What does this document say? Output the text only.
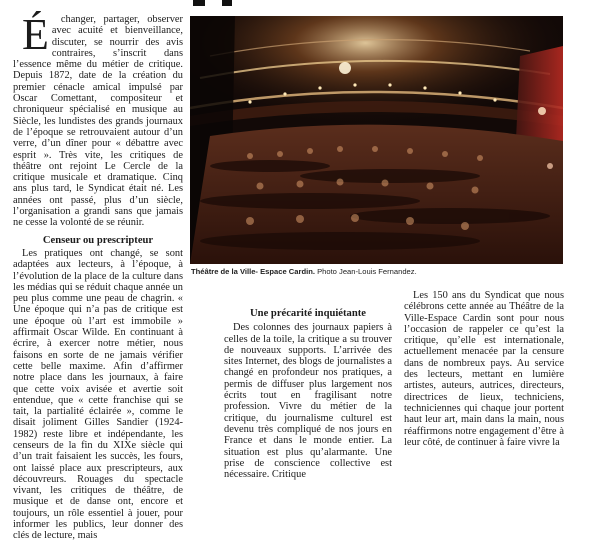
É changer, partager, observer avec acuité et bienveillance, discuter, se nourrir des avis contraires, s’inscrit dans l’essence même du métier de critique. Depuis 1872, date de la création du premier cénacle amical impulsé par Oscar Comettant, compositeur et chroniqueur spécialisé en musique au Siècle, les lundistes des grands journaux de l’époque se retrouvaient autour d’un verre, d’un dîner pour « débattre avec esprit ». Très vite, les critiques de théâtre ont rejoint Le Cercle de la critique musicale et dramatique. Cinq ans plus tard, le Syndicat était né. Les années ont passé, plus d’un siècle, l’organisation a grandi sans que jamais ne cesse la volonté de se réunir.

Censeur ou prescripteur

Les pratiques ont changé, se sont adaptées aux lecteurs, à l’époque, à l’évolution de la place de la culture dans les médias qui se réduit chaque année un peu plus comme une peau de chagrin. « Une époque qui n’a pas de critique est une époque où l’art est immobile » affirmait Oscar Wilde. En continuant à écrire, à exercer notre métier, nous faisons en sorte de ne jamais vérifier cette belle maxime. Afin d’affirmer notre place dans les journaux, à faire que cette voix avisée et avertie soit entendue, que « cette franchise qui se tait, la partialité éclairée », comme le disait joliment Gilles Sandier (1924-1982) reste libre et indépendante, les censeurs de la fin du XIXe siècle qui d’un trait faisaient les succès, les fours, ont laissé place aux prescripteurs, aux découvreurs. Rouages du spectacle vivant, les critiques de théâtre, de musique et de danse ont, encore et toujours, un rôle essentiel à jouer, pour informer les publics, leur donner des clés de lecture, mais

Théâtre de la Ville- Espace Cardin. Photo Jean-Louis Fernandez.
Une précarité inquiétante

Des colonnes des journaux papiers à celles de la toile, la critique a su trouver de nouveaux supports. L’arrivée des sites Internet, des blogs de journalistes a changé en profondeur nos pratiques, a permis de diffuser plus largement nos écrits tout en fragilisant notre profession. Vivre du métier de la critique, du journalisme culturel est devenu très compliqué de nos jours en France et dans le monde entier. La situation est plus qu’alarmante. Une prise de conscience collective est nécessaire. Critique

Les 150 ans du Syndicat que nous célébrons cette année au Théâtre de la Ville-Espace Cardin sont pour nous l’occasion de rappeler ce qu’est la critique, qu’elle est internationale, actuellement menacée par la censure dans de nombreux pays. Au service des lecteurs, mettant en lumière artistes, auteurs, autrices, directeurs, directrices de lieux, techniciens, techniciennes qui chaque jour portent haut leur art, main dans la main, nous réaffirmons notre engagement d’être à leur côté, de continuer à faire vivre la
